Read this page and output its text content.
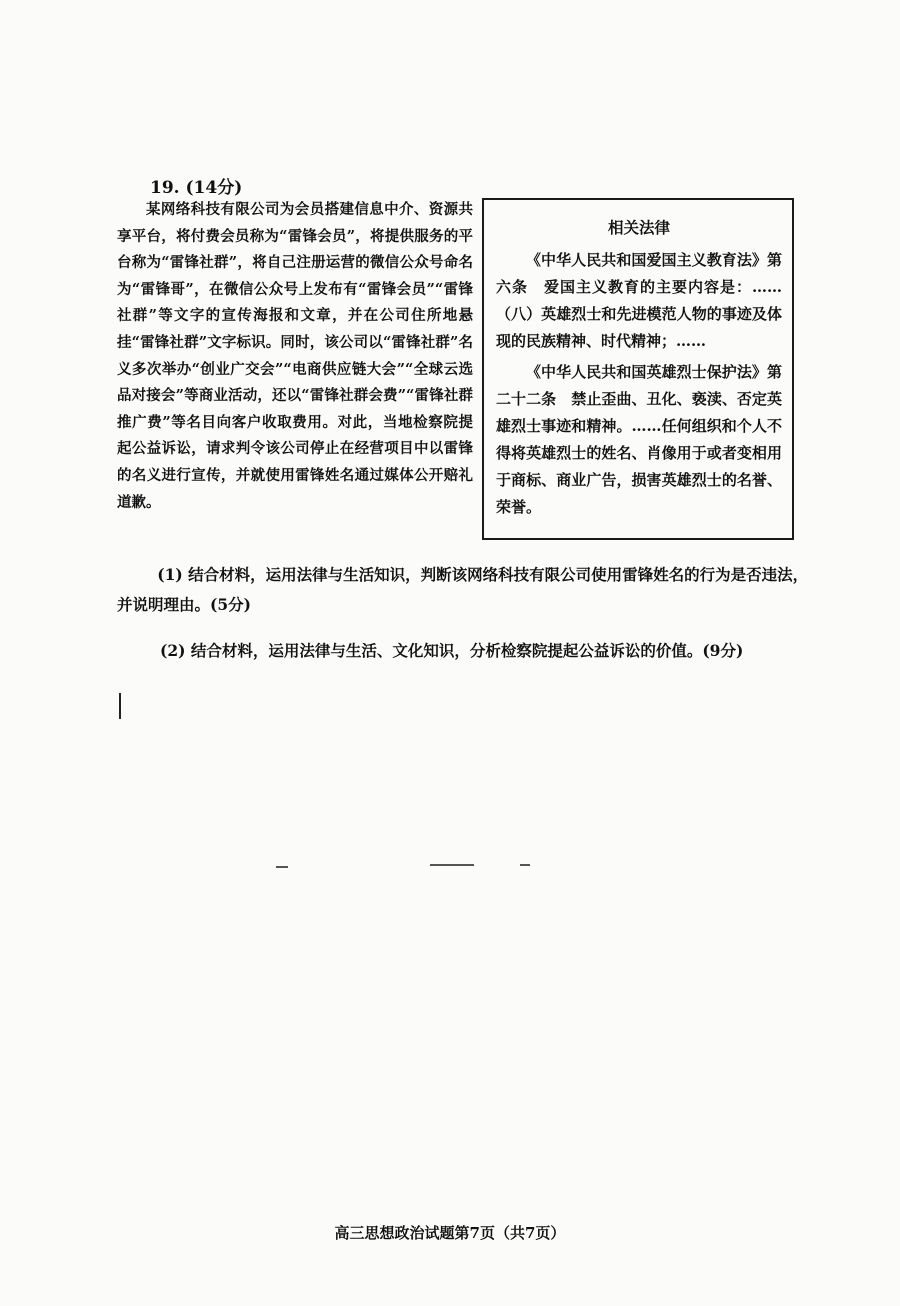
19. (14分)

某网络科技有限公司为会员搭建信息中介、资源共享平台，将付费会员称为“雷锋会员”，将提供服务的平台称为“雷锋社群”，将自己注册运营的微信公众号命名为“雷锋哥”，在微信公众号上发布有“雷锋会员”“雷锋社群”等文字的宣传海报和文章，并在公司住所地悬挂“雷锋社群”文字标识。同时，该公司以“雷锋社群”名义多次举办“创业广交会”“电商供应链大会”“全球云选品对接会”等商业活动，还以“雷锋社群会费”“雷锋社群推广费”等名目向客户收取费用。对此，当地检察院提起公益诉讼，请求判令该公司停止在经营项目中以雷锋的名义进行宣传，并就使用雷锋姓名通过媒体公开赔礼道歉。

相关法律

《中华人民共和国爱国主义教育法》第六条　爱国主义教育的主要内容是：……（八）英雄烈士和先进模范人物的事迹及体现的民族精神、时代精神；……

《中华人民共和国英雄烈士保护法》第二十二条　禁止歪曲、丑化、亵渎、否定英雄烈士事迹和精神。……任何组织和个人不得将英雄烈士的姓名、肖像用于或者变相用于商标、商业广告，损害英雄烈士的名誉、荣誉。

(1) 结合材料，运用法律与生活知识，判断该网络科技有限公司使用雷锋姓名的行为是否违法，并说明理由。(5分)
(2) 结合材料，运用法律与生活、文化知识，分析检察院提起公益诉讼的价值。(9分)
高三思想政治试题第7页（共7页）
